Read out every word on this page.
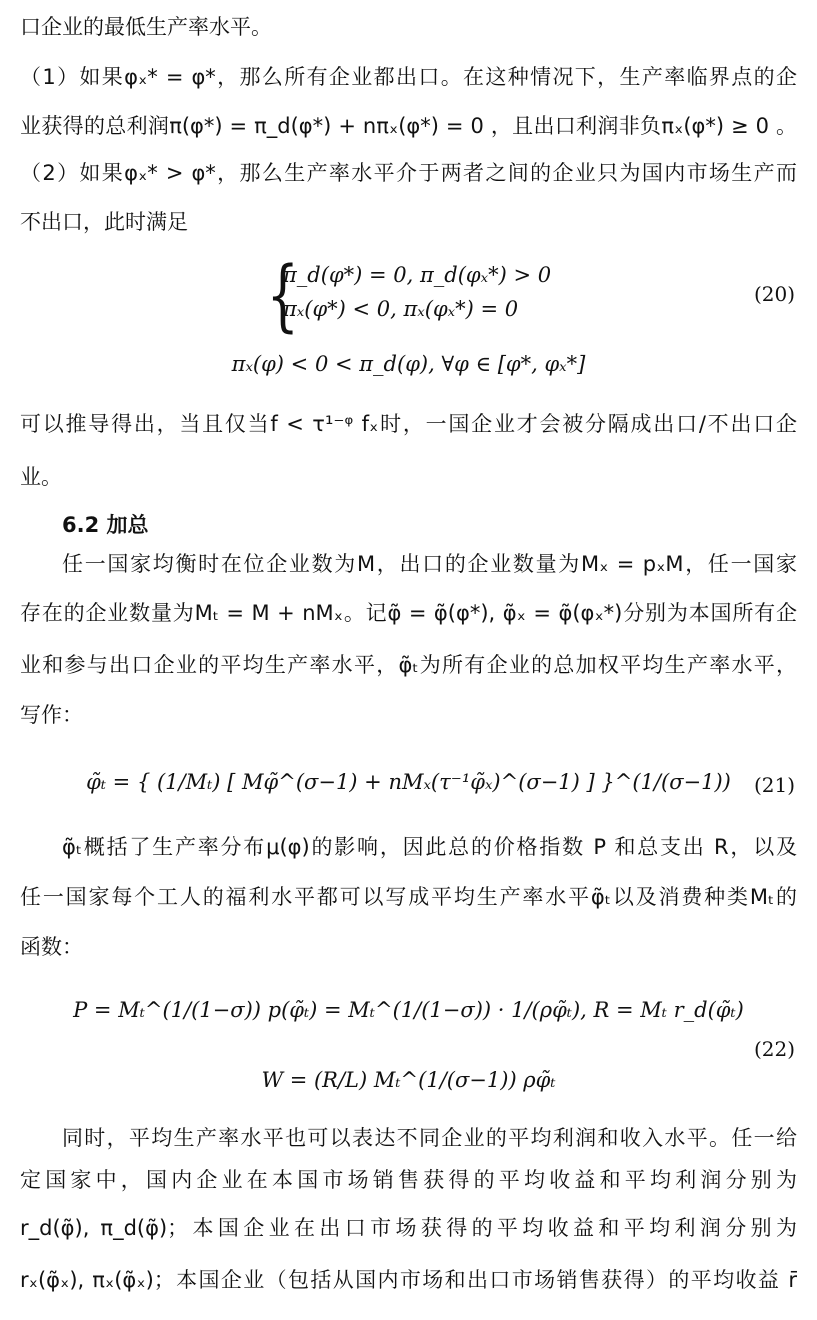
口企业的最低生产率水平。
（1）如果φₓ* = φ*，那么所有企业都出口。在这种情况下，生产率临界点的企
业获得的总利润π(φ*) = π_d(φ*) + nπₓ(φ*) = 0 ，且出口利润非负πₓ(φ*) ≥ 0 。
（2）如果φₓ* > φ*，那么生产率水平介于两者之间的企业只为国内市场生产而
不出口，此时满足
{
π_d(φ*) = 0, π_d(φₓ*) > 0
πₓ(φ*) < 0, πₓ(φₓ*) = 0
(20)
πₓ(φ) < 0 < π_d(φ), ∀φ ∈ [φ*, φₓ*]
可以推导得出，当且仅当f < τ¹⁻ᵠ fₓ时，一国企业才会被分隔成出口/不出口企
业。
6.2 加总
任一国家均衡时在位企业数为M，出口的企业数量为Mₓ = pₓM，任一国家
存在的企业数量为Mₜ = M + nMₓ。记φ̃ = φ̃(φ*), φ̃ₓ = φ̃(φₓ*)分别为本国所有企
业和参与出口企业的平均生产率水平，φ̃ₜ为所有企业的总加权平均生产率水平，
写作：
φ̃ₜ = { (1/Mₜ) [ Mφ̃^(σ−1) + nMₓ(τ⁻¹φ̃ₓ)^(σ−1) ] }^(1/(σ−1))	(21)
φ̃ₜ概括了生产率分布μ(φ)的影响，因此总的价格指数 P 和总支出 R，以及
任一国家每个工人的福利水平都可以写成平均生产率水平φ̃ₜ以及消费种类Mₜ的
函数：
P = Mₜ^(1/(1−σ)) p(φ̃ₜ) = Mₜ^(1/(1−σ)) · 1/(ρφ̃ₜ), R = Mₜ r_d(φ̃ₜ)
W = (R/L) Mₜ^(1/(σ−1)) ρφ̃ₜ
(22)
同时，平均生产率水平也可以表达不同企业的平均利润和收入水平。任一给
定国家中，国内企业在本国市场销售获得的平均收益和平均利润分别为
r_d(φ̃), π_d(φ̃)；本国企业在出口市场获得的平均收益和平均利润分别为
rₓ(φ̃ₓ), πₓ(φ̃ₓ)；本国企业（包括从国内市场和出口市场销售获得）的平均收益 r̄
